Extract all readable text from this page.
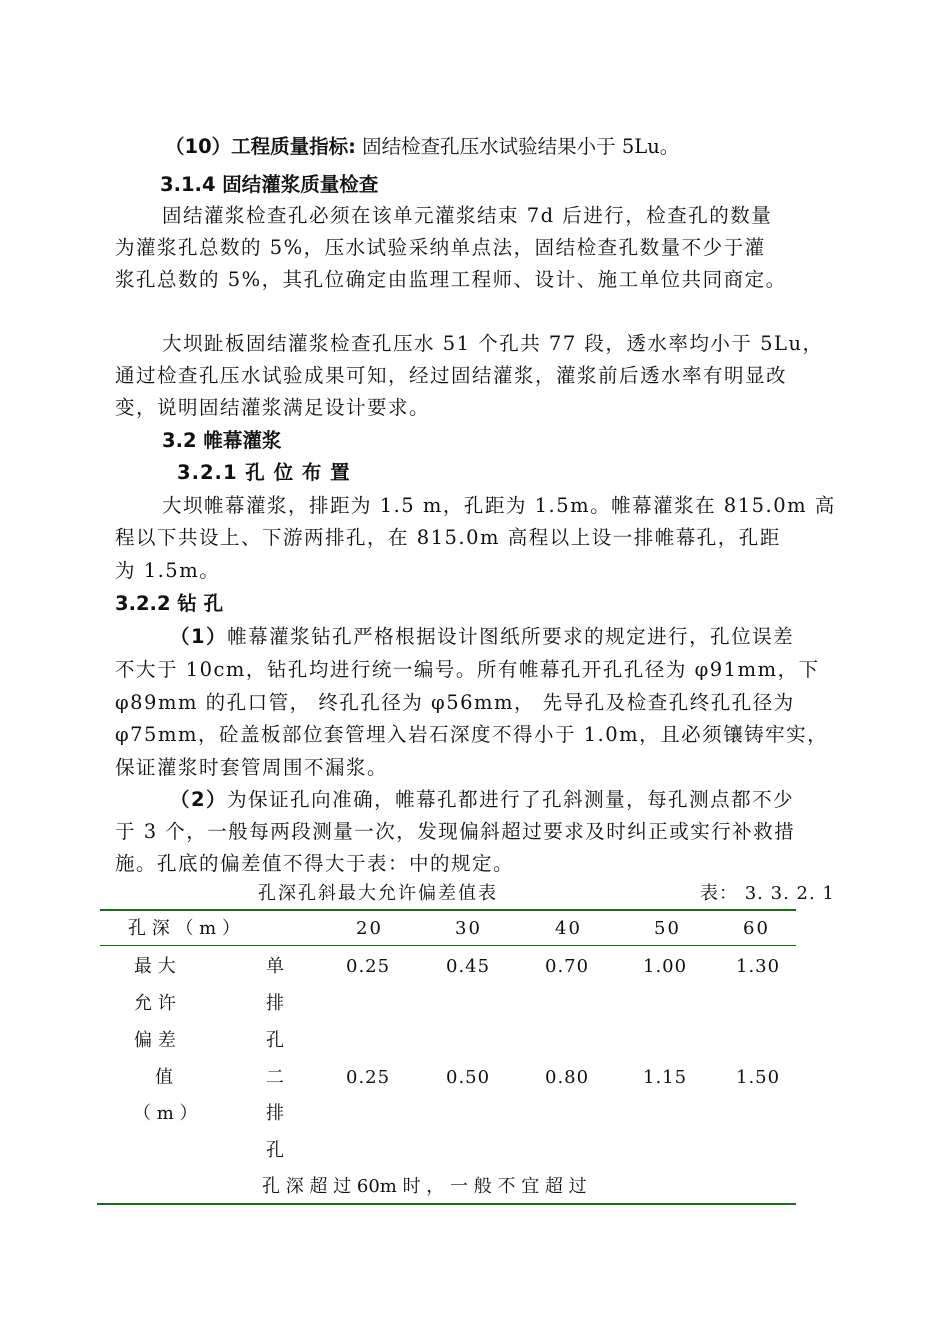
（10）工程质量指标: 固结检查孔压水试验结果小于 5Lu。
3.1.4 固结灌浆质量检查
固结灌浆检查孔必须在该单元灌浆结束 7d 后进行，检查孔的数量
为灌浆孔总数的 5%，压水试验采纳单点法，固结检查孔数量不少于灌
浆孔总数的 5%，其孔位确定由监理工程师、设计、施工单位共同商定。
大坝趾板固结灌浆检查孔压水 51 个孔共 77 段，透水率均小于 5Lu，
通过检查孔压水试验成果可知，经过固结灌浆，灌浆前后透水率有明显改
变，说明固结灌浆满足设计要求。
3.2 帷幕灌浆
3.2.1 孔 位 布 置
大坝帷幕灌浆，排距为 1.5 m，孔距为 1.5m。帷幕灌浆在 815.0m 高
程以下共设上、下游两排孔，在 815.0m 高程以上设一排帷幕孔，孔距
为 1.5m。
3.2.2 钻 孔
（1）帷幕灌浆钻孔严格根据设计图纸所要求的规定进行，孔位误差
不大于 10cm，钻孔均进行统一编号。所有帷幕孔开孔孔径为 φ91mm，下
φ89mm 的孔口管， 终孔孔径为 φ56mm， 先导孔及检查孔终孔孔径为
φ75mm，砼盖板部位套管埋入岩石深度不得小于 1.0m，且必须镶铸牢实，
保证灌浆时套管周围不漏浆。
（2）为保证孔向准确，帷幕孔都进行了孔斜测量，每孔测点都不少
于 3 个，一般每两段测量一次，发现偏斜超过要求及时纠正或实行补救措
施。孔底的偏差值不得大于表：中的规定。
孔深孔斜最大允许偏差值表	表： 3. 3. 2. 1
孔 深 （ m ）	20	30	40	50	60
最 大
允 许
偏 差
值
（ m ）
单
排
孔
0.25	0.45	0.70	1.00	1.30
二
排
孔
0.25	0.50	0.80	1.15	1.50
孔 深 超 过 60m 时 ， 一 般 不 宜 超 过
